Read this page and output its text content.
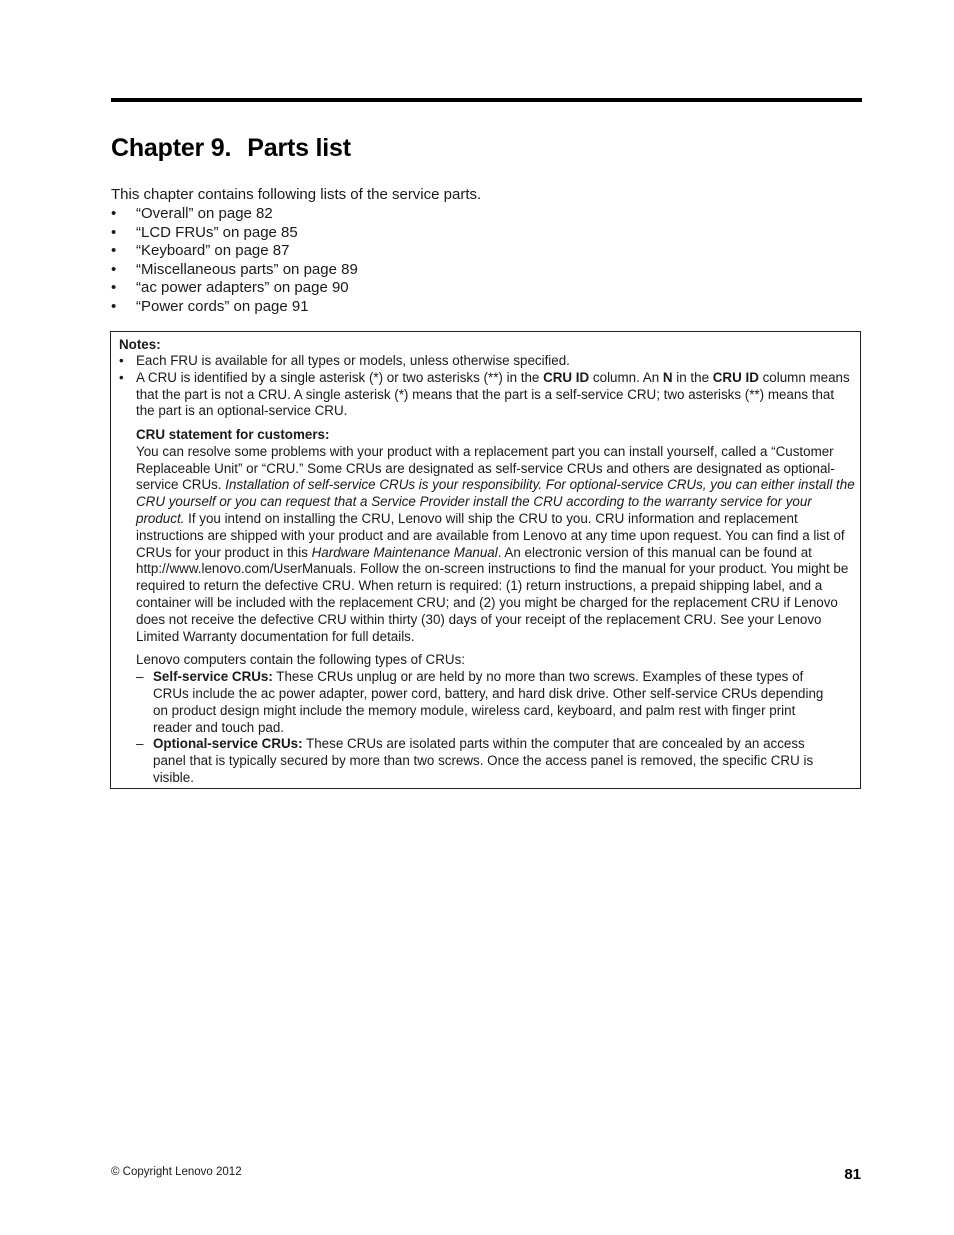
Chapter 9. Parts list

This chapter contains following lists of the service parts.

• “Overall” on page 82
• “LCD FRUs” on page 85
• “Keyboard” on page 87
• “Miscellaneous parts” on page 89
• “ac power adapters” on page 90
• “Power cords” on page 91
Notes:
• Each FRU is available for all types or models, unless otherwise specified.
• A CRU is identified by a single asterisk (*) or two asterisks (**) in the CRU ID column. An N in the CRU ID column means that the part is not a CRU. A single asterisk (*) means that the part is a self-service CRU; two asterisks (**) means that the part is an optional-service CRU.
CRU statement for customers:

You can resolve some problems with your product with a replacement part you can install yourself, called a “Customer Replaceable Unit” or “CRU.” Some CRUs are designated as self-service CRUs and others are designated as optional-service CRUs. Installation of self-service CRUs is your responsibility. For optional-service CRUs, you can either install the CRU yourself or you can request that a Service Provider install the CRU according to the warranty service for your product. If you intend on installing the CRU, Lenovo will ship the CRU to you. CRU information and replacement instructions are shipped with your product and are available from Lenovo at any time upon request. You can find a list of CRUs for your product in this Hardware Maintenance Manual. An electronic version of this manual can be found at http://www.lenovo.com/UserManuals. Follow the on-screen instructions to find the manual for your product. You might be required to return the defective CRU. When return is required: (1) return instructions, a prepaid shipping label, and a container will be included with the replacement CRU; and (2) you might be charged for the replacement CRU if Lenovo does not receive the defective CRU within thirty (30) days of your receipt of the replacement CRU. See your Lenovo Limited Warranty documentation for full details.

Lenovo computers contain the following types of CRUs:

– Self-service CRUs: These CRUs unplug or are held by no more than two screws. Examples of these types of CRUs include the ac power adapter, power cord, battery, and hard disk drive. Other self-service CRUs depending on product design might include the memory module, wireless card, keyboard, and palm rest with finger print reader and touch pad.
– Optional-service CRUs: These CRUs are isolated parts within the computer that are concealed by an access panel that is typically secured by more than two screws. Once the access panel is removed, the specific CRU is visible.
© Copyright Lenovo 2012	81
